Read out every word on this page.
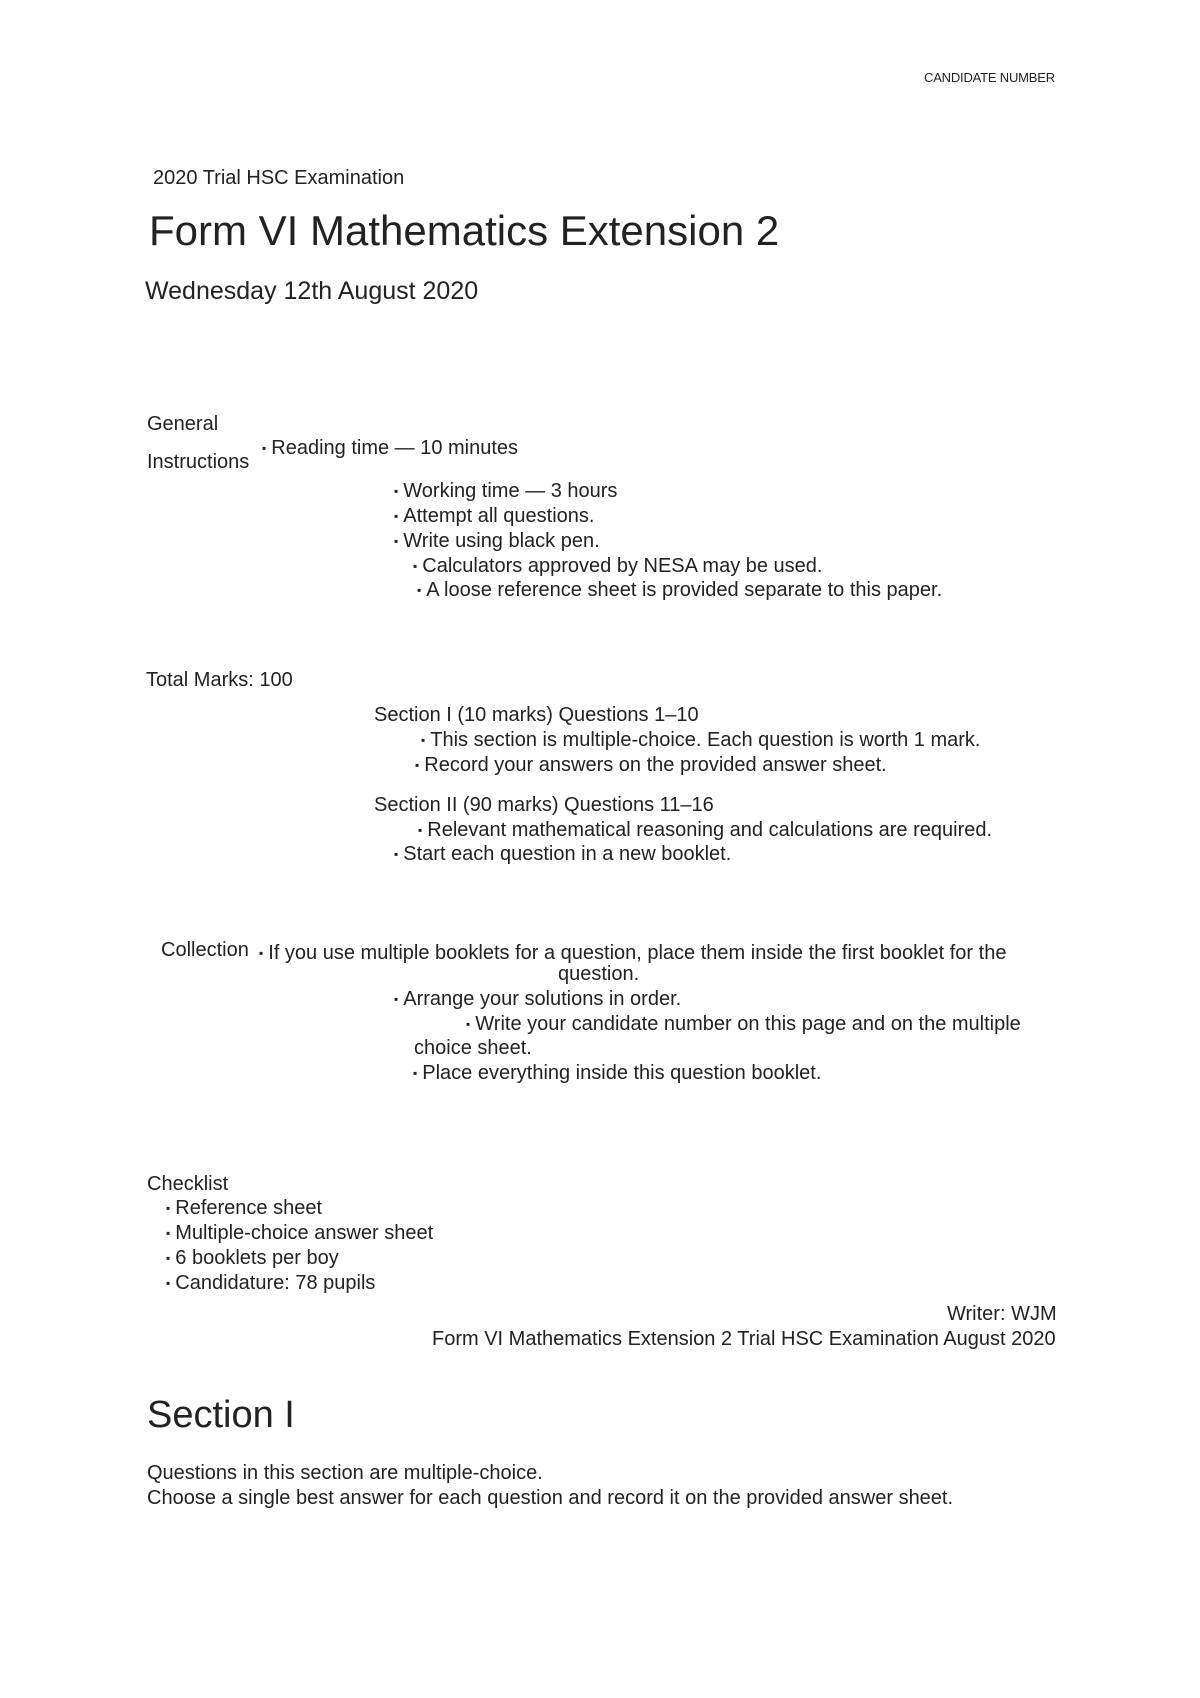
CANDIDATE NUMBER
2020 Trial HSC Examination
Form VI Mathematics Extension 2
Wednesday 12th August 2020
General
Instructions
▪ Reading time — 10 minutes
▪ Working time — 3 hours
▪ Attempt all questions.
▪ Write using black pen.
▪ Calculators approved by NESA may be used.
▪ A loose reference sheet is provided separate to this paper.
Total Marks: 100
Section I (10 marks) Questions 1–10
▪ This section is multiple-choice. Each question is worth 1 mark.
▪ Record your answers on the provided answer sheet.
Section II (90 marks) Questions 11–16
▪ Relevant mathematical reasoning and calculations are required.
▪ Start each question in a new booklet.
Collection
▪ If you use multiple booklets for a question, place them inside the first booklet for the
question.
▪ Arrange your solutions in order.
▪ Write your candidate number on this page and on the multiple
choice sheet.
▪ Place everything inside this question booklet.
Checklist
▪ Reference sheet
▪ Multiple-choice answer sheet
▪ 6 booklets per boy
▪ Candidature: 78 pupils
Writer: WJM
Form VI Mathematics Extension 2 Trial HSC Examination August 2020
Section I
Questions in this section are multiple-choice.
Choose a single best answer for each question and record it on the provided answer sheet.
